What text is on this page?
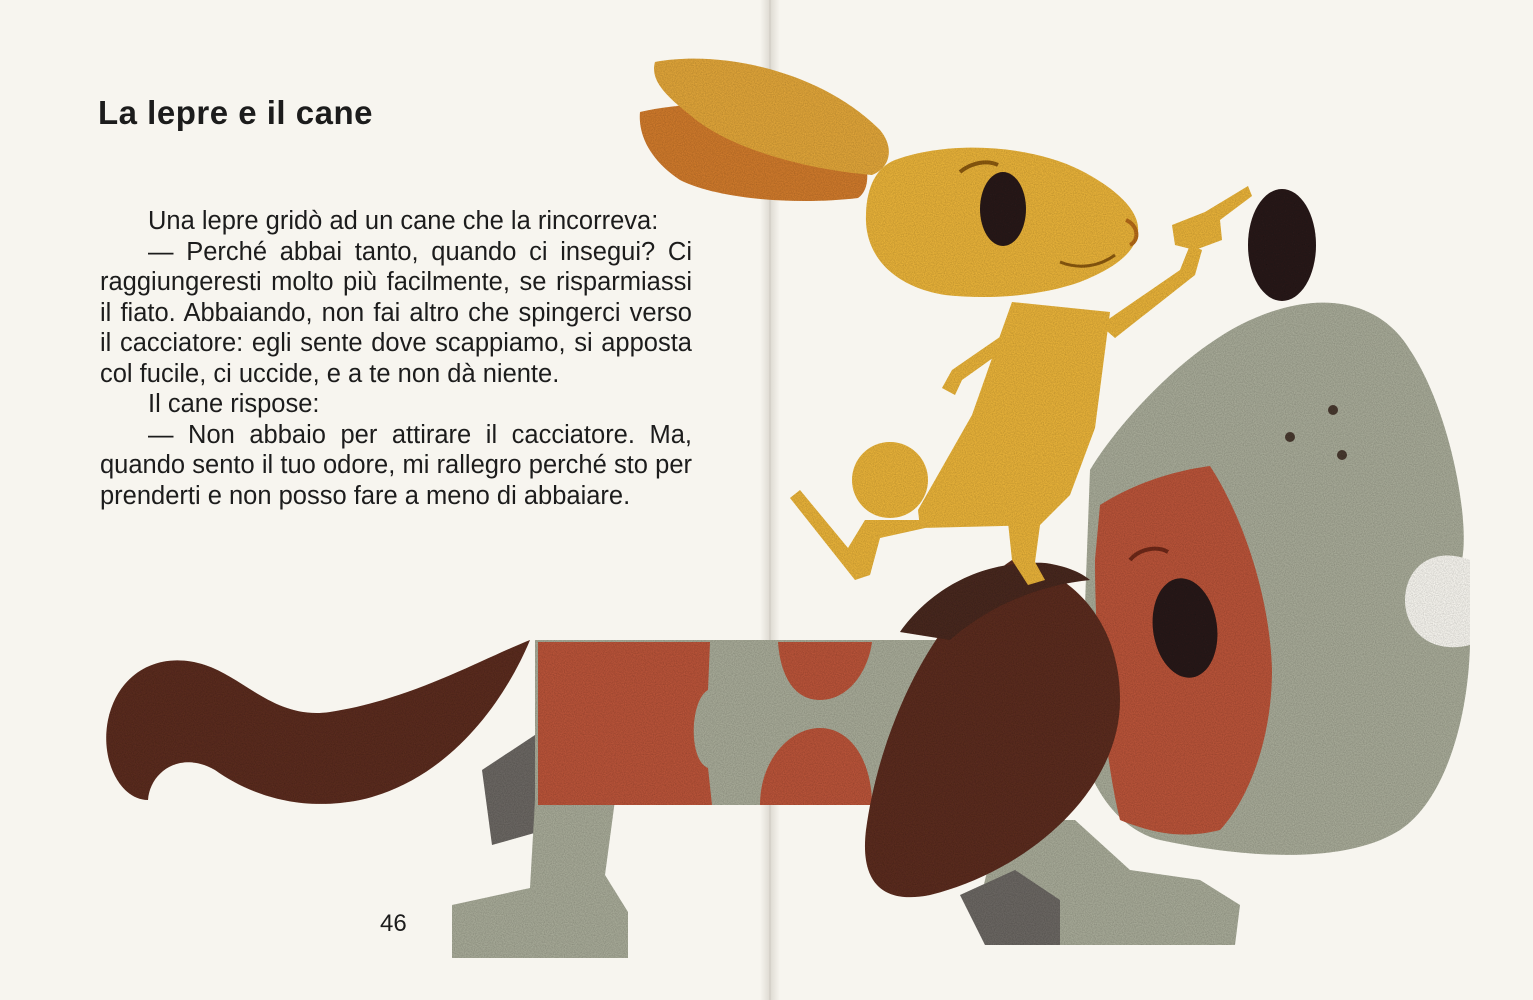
La lepre e il cane

Una lepre gridò ad un cane che la rincorreva:

— Perché abbai tanto, quando ci insegui? Ci raggiungeresti molto più facilmente, se risparmiassi il fiato. Abbaiando, non fai altro che spingerci verso il cacciatore: egli sente dove scappiamo, si apposta col fucile, ci uccide, e a te non dà niente.

Il cane rispose:

— Non abbaio per attirare il cacciatore. Ma, quando sento il tuo odore, mi rallegro perché sto per prenderti e non posso fare a meno di abbaiare.

46
